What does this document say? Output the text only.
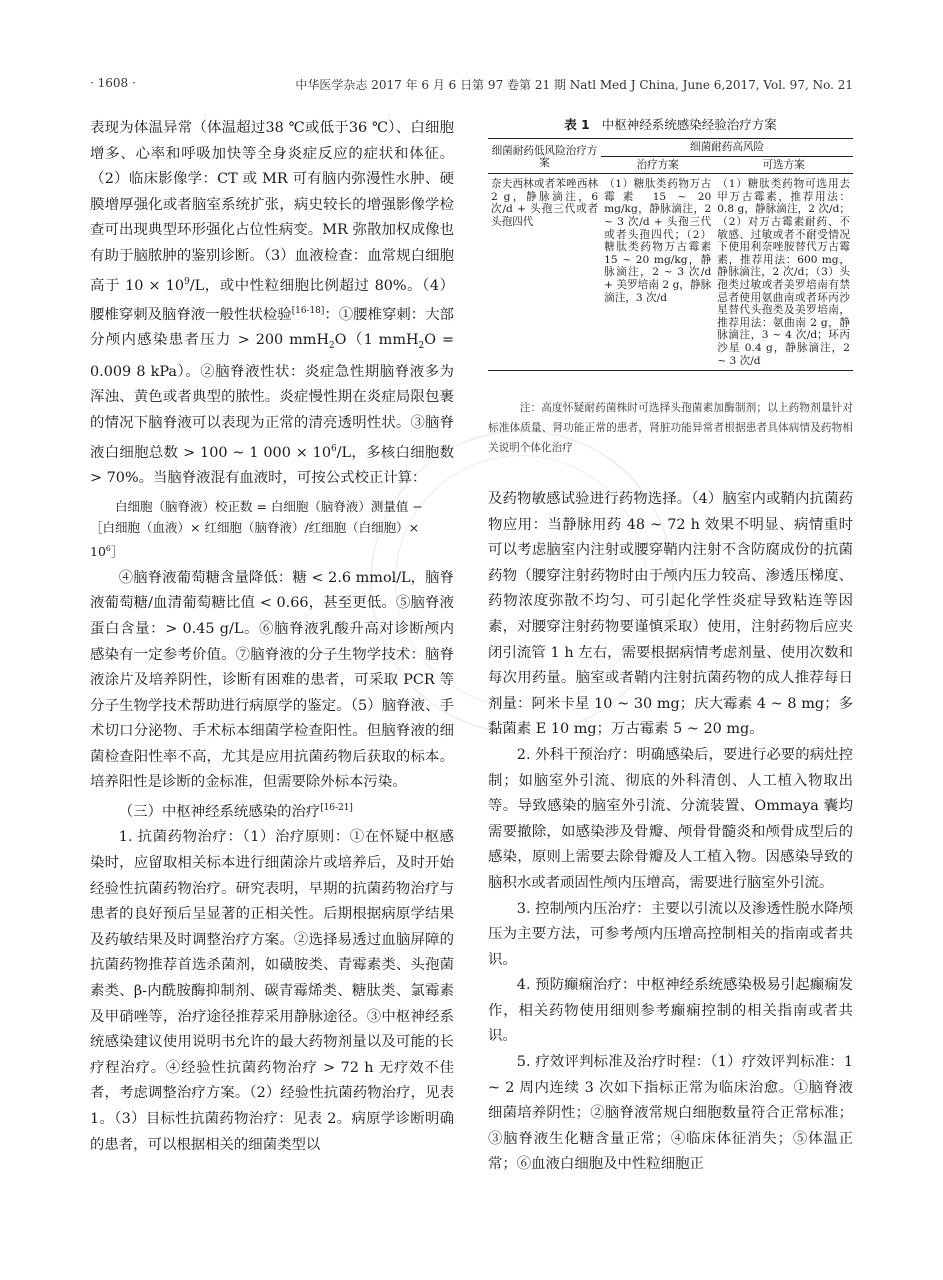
· 1608 ·	中华医学杂志 2017 年 6 月 6 日第 97 卷第 21 期 Natl Med J China, June 6,2017, Vol. 97, No. 21

表现为体温异常（体温超过38 ℃或低于36 ℃）、白细胞增多、心率和呼吸加快等全身炎症反应的症状和体征。（2）临床影像学：CT 或 MR 可有脑内弥漫性水肿、硬膜增厚强化或者脑室系统扩张，病史较长的增强影像学检查可出现典型环形强化占位性病变。MR 弥散加权成像也有助于脑脓肿的鉴别诊断。（3）血液检查：血常规白细胞高于 $10 \times 10^9/L$，或中性粒细胞比例超过 80%。（4）腰椎穿刺及脑脊液一般性状检验[16-18]：①腰椎穿刺：大部分颅内感染患者压力 > 200 mmH$_2$O（1 mmH$_2$O = 0.009 8 kPa）。②脑脊液性状：炎症急性期脑脊液多为浑浊、黄色或者典型的脓性。炎症慢性期在炎症局限包裹的情况下脑脊液可以表现为正常的清亮透明性状。③脑脊液白细胞总数 > 100 ~ 1 $000 \times 10^6/L$，多核白细胞数 > 70%。当脑脊液混有血液时，可按公式校正计算：

白细胞（脑脊液）校正数 = 白细胞（脑脊液）测量值 −
［白细胞（血液）× 红细胞（脑脊液）/红细胞（白细胞）×
$10^6]$

④脑脊液葡萄糖含量降低：糖 < 2.6 mmol/L，脑脊液葡萄糖/血清葡萄糖比值 < 0.66，甚至更低。⑤脑脊液蛋白含量：> 0.45 g/L。⑥脑脊液乳酸升高对诊断颅内感染有一定参考价值。⑦脑脊液的分子生物学技术：脑脊液涂片及培养阴性，诊断有困难的患者，可采取 PCR 等分子生物学技术帮助进行病原学的鉴定。（5）脑脊液、手术切口分泌物、手术标本细菌学检查阳性。但脑脊液的细菌检查阳性率不高，尤其是应用抗菌药物后获取的标本。培养阳性是诊断的金标准，但需要除外标本污染。

（三）中枢神经系统感染的治疗[16-21]

1. 抗菌药物治疗：（1）治疗原则：①在怀疑中枢感染时，应留取相关标本进行细菌涂片或培养后，及时开始经验性抗菌药物治疗。研究表明，早期的抗菌药物治疗与患者的良好预后呈显著的正相关性。后期根据病原学结果及药敏结果及时调整治疗方案。②选择易透过血脑屏障的抗菌药物推荐首选杀菌剂，如磺胺类、青霉素类、头孢菌素类、β-内酰胺酶抑制剂、碳青霉烯类、糖肽类、氯霉素及甲硝唑等，治疗途径推荐采用静脉途径。③中枢神经系统感染建议使用说明书允许的最大药物剂量以及可能的长疗程治疗。④经验性抗菌药物治疗 > 72 h 无疗效不佳者，考虑调整治疗方案。（2）经验性抗菌药物治疗，见表 1。（3）目标性抗菌药物治疗：见表 2。病原学诊断明确的患者，可以根据相关的细菌类型以

表 1 中枢神经系统感染经验治疗方案
细菌耐药低风险治疗方案	细菌耐药高风险	
	治疗方案	可选方案
奈夫西林或者苯唑西林 2 g，静脉滴注，6 次/d + 头孢三代或者头孢四代	（1）糖肽类药物万古霉素 15 ~ 20 mg/kg，静脉滴注，2 ~ 3 次/d + 头孢三代或者头孢四代；（2）糖肽类药物万古霉素 15 ~ 20 mg/kg，静脉滴注，2 ~ 3 次/d + 美罗培南 2 g，静脉滴注，3 次/d	（1）糖肽类药物可选用去甲万古霉素，推荐用法：0.8 g，静脉滴注，2 次/d；（2）对万古霉素耐药、不敏感、过敏或者不耐受情况下使用利奈唑胺替代万古霉素，推荐用法：600 mg，静脉滴注，2 次/d；（3）头孢类过敏或者美罗培南有禁忌者使用氨曲南或者环丙沙星替代头孢类及美罗培南，推荐用法：氨曲南 2 g，静脉滴注，3 ~ 4 次/d；环丙沙星 0.4 g，静脉滴注，2 ~ 3 次/d
注：高度怀疑耐药菌株时可选择头孢菌素加酶制剂；以上药物剂量针对标准体质量、肾功能正常的患者，肾脏功能异常者根据患者具体病情及药物相关说明个体化治疗

及药物敏感试验进行药物选择。（4）脑室内或鞘内抗菌药物应用：当静脉用药 48 ~ 72 h 效果不明显、病情重时可以考虑脑室内注射或腰穿鞘内注射不含防腐成份的抗菌药物（腰穿注射药物时由于颅内压力较高、渗透压梯度、药物浓度弥散不均匀、可引起化学性炎症导致粘连等因素，对腰穿注射药物要谨慎采取）使用，注射药物后应夹闭引流管 1 h 左右，需要根据病情考虑剂量、使用次数和每次用药量。脑室或者鞘内注射抗菌药物的成人推荐每日剂量：阿米卡星 10 ~ 30 mg；庆大霉素 4 ~ 8 mg；多黏菌素 E 10 mg；万古霉素 5 ~ 20 mg。

2. 外科干预治疗：明确感染后，要进行必要的病灶控制；如脑室外引流、彻底的外科清创、人工植入物取出等。导致感染的脑室外引流、分流装置、Ommaya 囊均需要撤除，如感染涉及骨瓣、颅骨骨髓炎和颅骨成型后的感染，原则上需要去除骨瓣及人工植入物。因感染导致的脑积水或者顽固性颅内压增高，需要进行脑室外引流。

3. 控制颅内压治疗：主要以引流以及渗透性脱水降颅压为主要方法，可参考颅内压增高控制相关的指南或者共识。

4. 预防癫痫治疗：中枢神经系统感染极易引起癫痫发作，相关药物使用细则参考癫痫控制的相关指南或者共识。

5. 疗效评判标准及治疗时程：（1）疗效评判标准：1 ~ 2 周内连续 3 次如下指标正常为临床治愈。①脑脊液细菌培养阴性；②脑脊液常规白细胞数量符合正常标准；③脑脊液生化糖含量正常；④临床体征消失；⑤体温正常；⑥血液白细胞及中性粒细胞正
